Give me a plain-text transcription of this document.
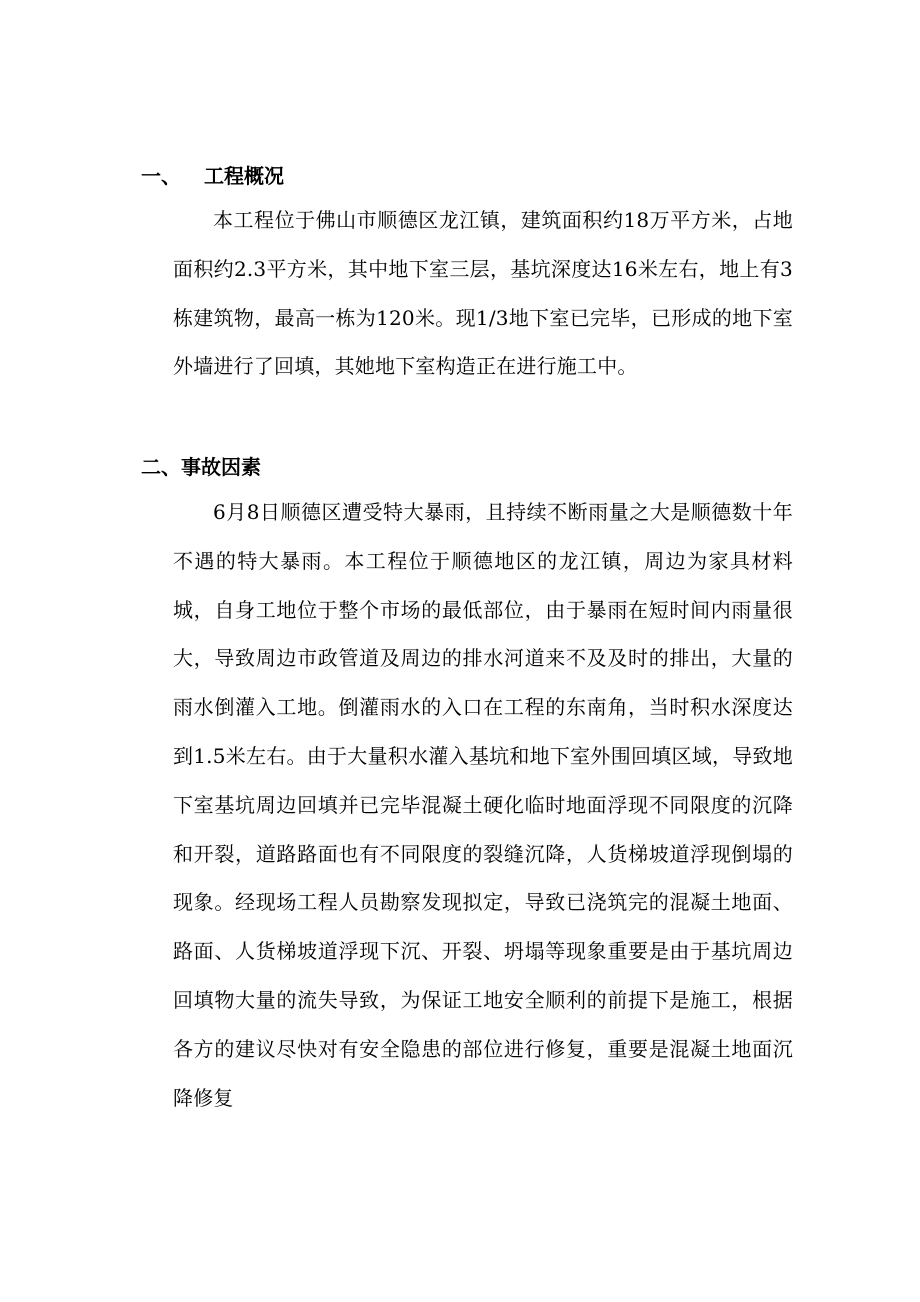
一、 工程概况

本工程位于佛山市顺德区龙江镇，建筑面积约18万平方米，占地面积约2.3平方米，其中地下室三层，基坑深度达16米左右，地上有3栋建筑物，最高一栋为120米。现1/3地下室已完毕，已形成的地下室外墙进行了回填，其她地下室构造正在进行施工中。

二、事故因素

6月8日顺德区遭受特大暴雨，且持续不断雨量之大是顺德数十年不遇的特大暴雨。本工程位于顺德地区的龙江镇，周边为家具材料城，自身工地位于整个市场的最低部位，由于暴雨在短时间内雨量很大，导致周边市政管道及周边的排水河道来不及及时的排出，大量的雨水倒灌入工地。倒灌雨水的入口在工程的东南角，当时积水深度达到1.5米左右。由于大量积水灌入基坑和地下室外围回填区域，导致地下室基坑周边回填并已完毕混凝土硬化临时地面浮现不同限度的沉降和开裂，道路路面也有不同限度的裂缝沉降，人货梯坡道浮现倒塌的现象。经现场工程人员勘察发现拟定，导致已浇筑完的混凝土地面、路面、人货梯坡道浮现下沉、开裂、坍塌等现象重要是由于基坑周边回填物大量的流失导致，为保证工地安全顺利的前提下是施工，根据各方的建议尽快对有安全隐患的部位进行修复，重要是混凝土地面沉降修复
